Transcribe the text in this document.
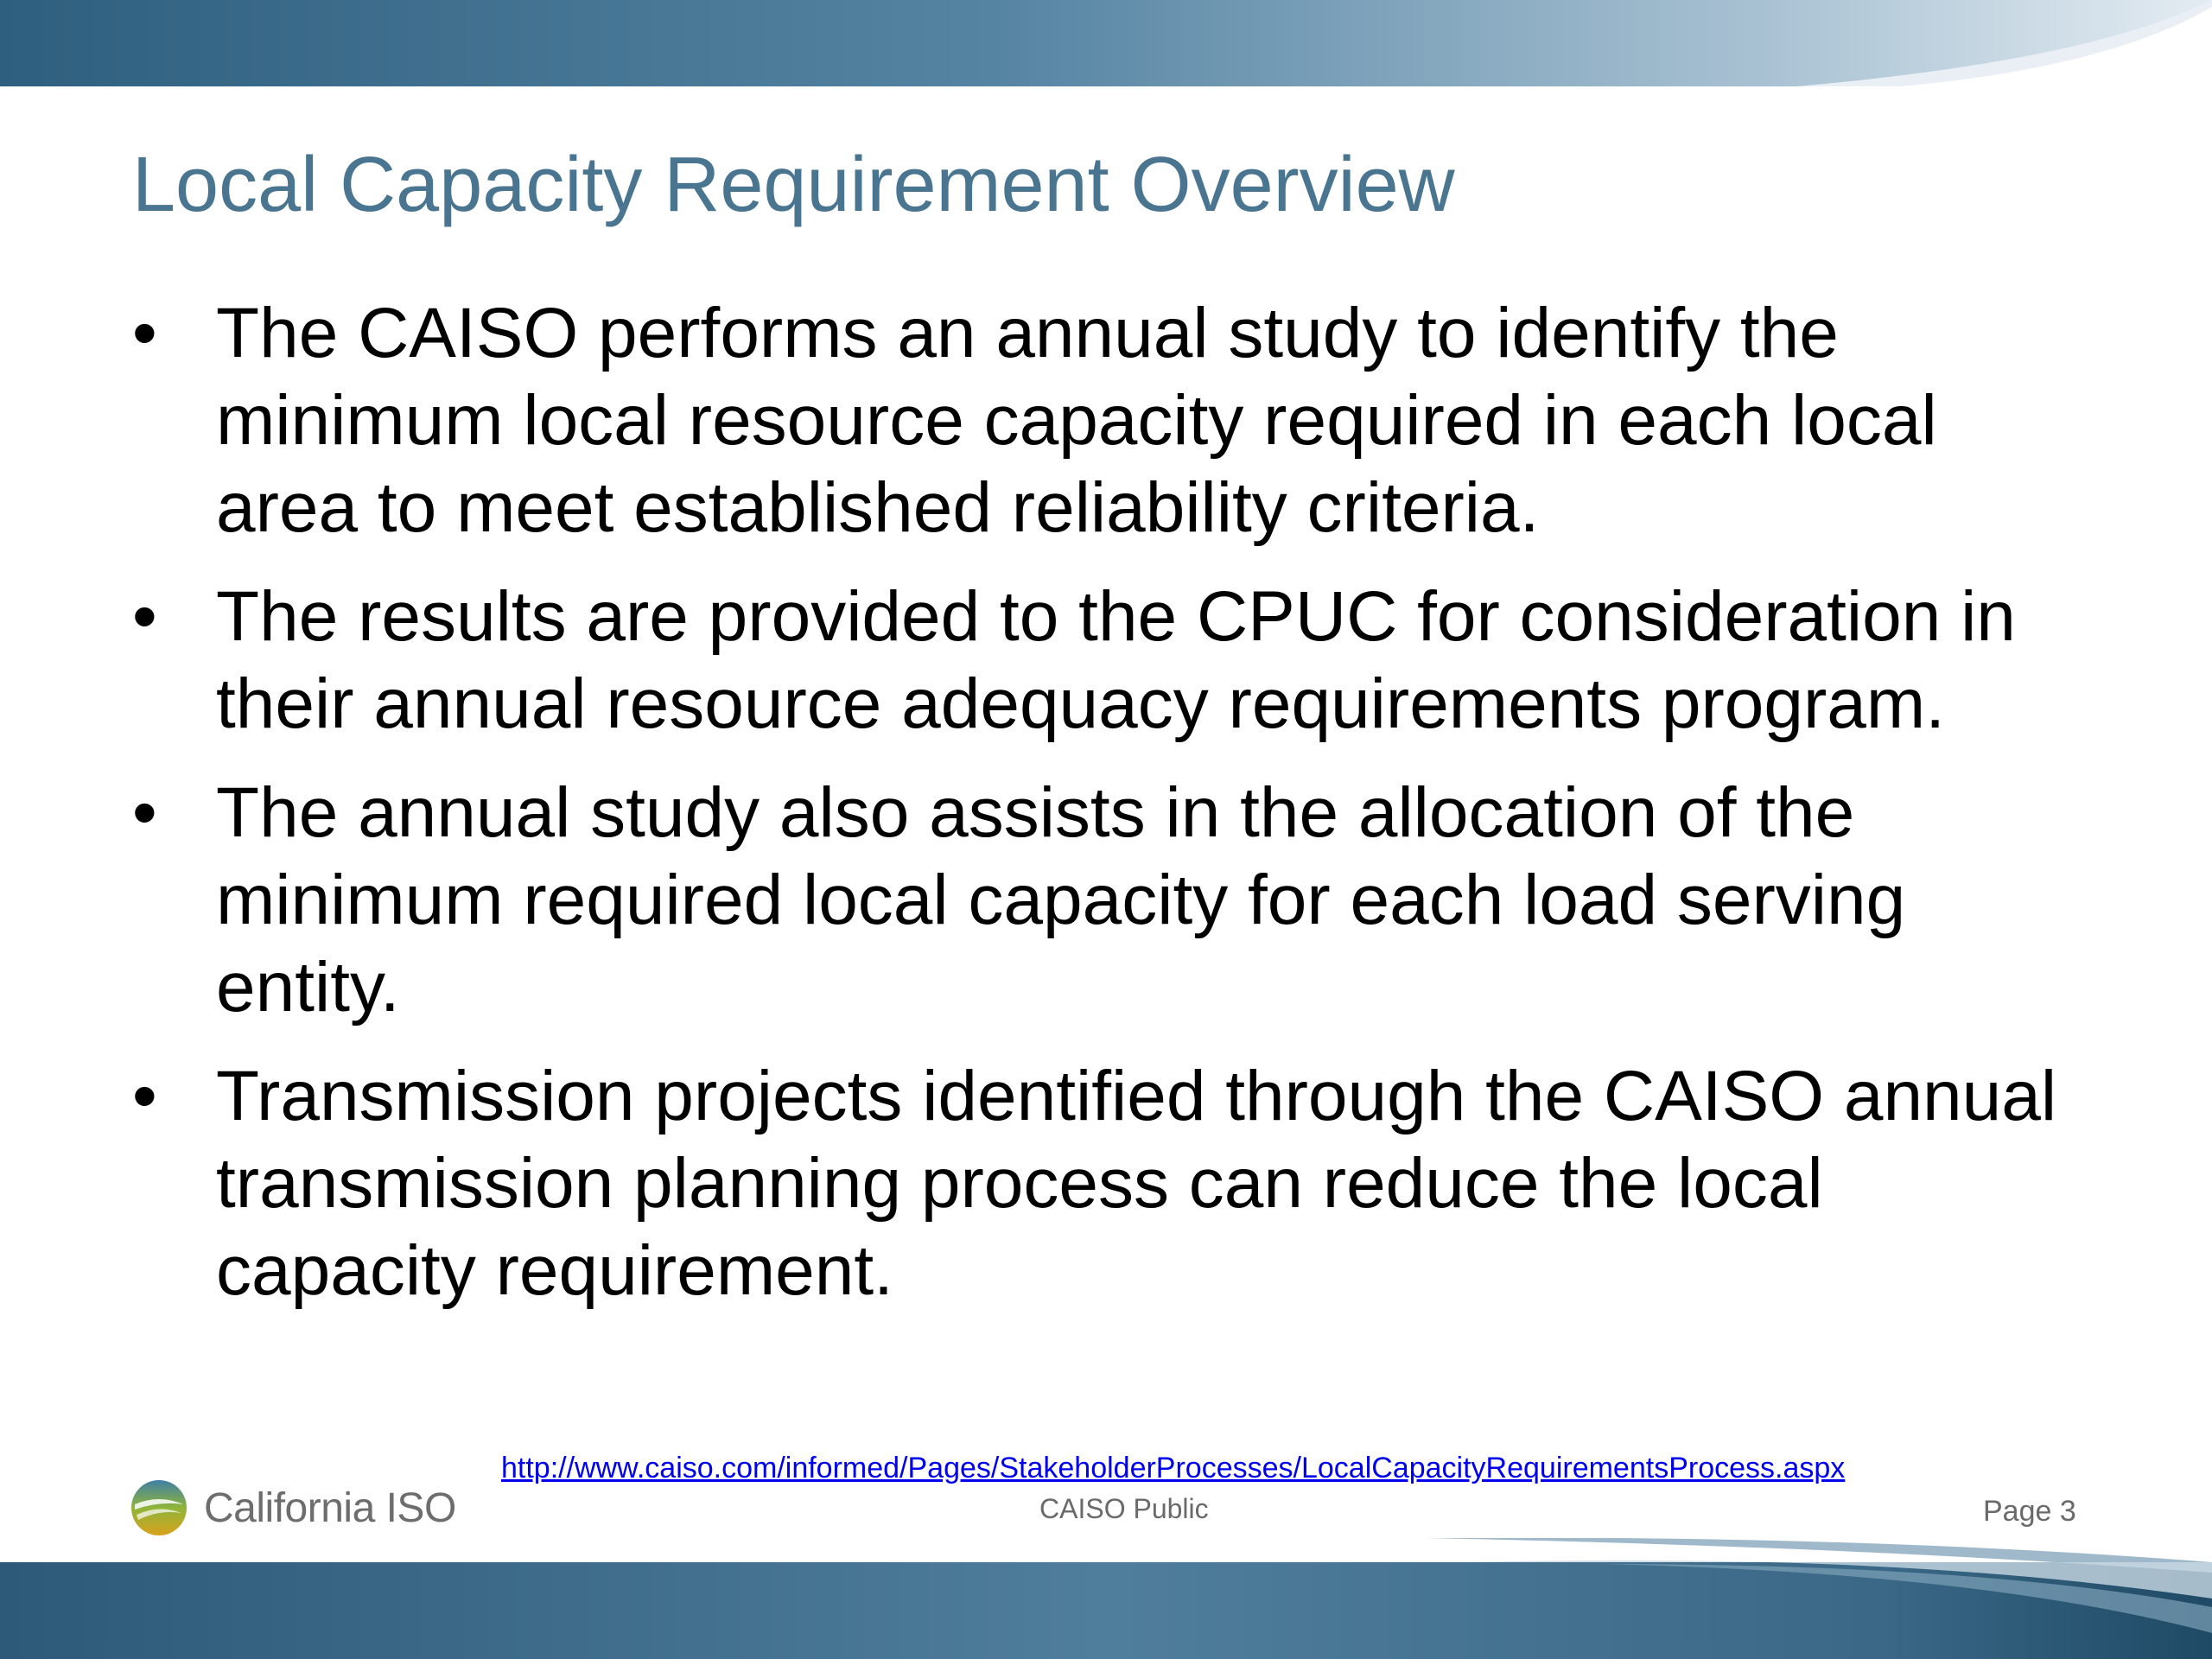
Local Capacity Requirement Overview
• The CAISO performs an annual study to identify the minimum local resource capacity required in each local area to meet established reliability criteria.
• The results are provided to the CPUC for consideration in their annual resource adequacy requirements program.
• The annual study also assists in the allocation of the minimum required local capacity for each load serving entity.
• Transmission projects identified through the CAISO annual transmission planning process can reduce the local capacity requirement.
http://www.caiso.com/informed/Pages/StakeholderProcesses/LocalCapacityRequirementsProcess.aspx
California ISO	CAISO Public	Page 3
